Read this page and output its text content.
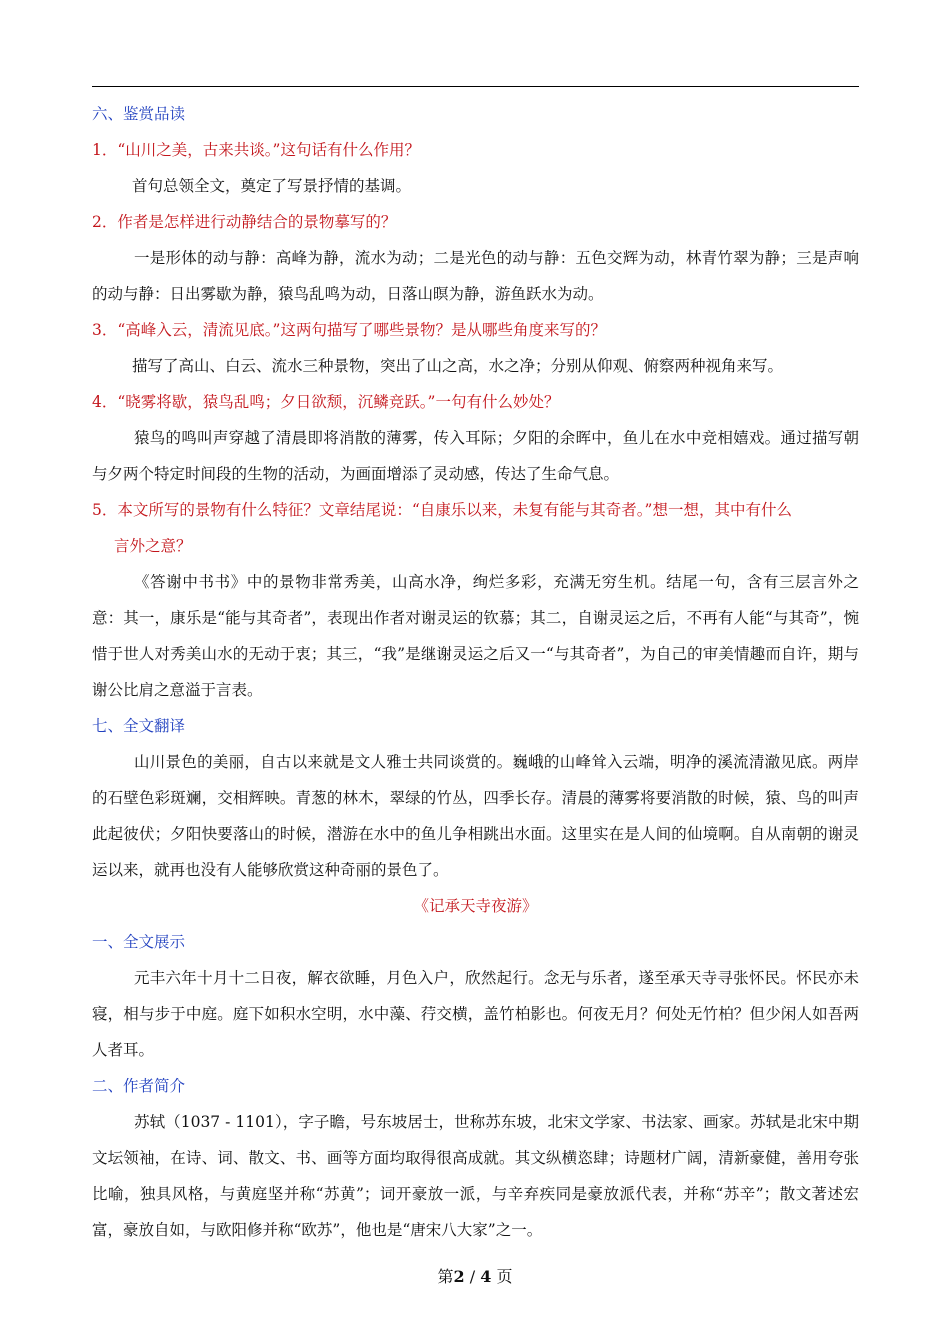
六、鉴赏品读
1．“山川之美，古来共谈。”这句话有什么作用？
首句总领全文，奠定了写景抒情的基调。
2．作者是怎样进行动静结合的景物摹写的？
一是形体的动与静：高峰为静，流水为动；二是光色的动与静：五色交辉为动，林青竹翠为静；三是声响的动与静：日出雾歇为静，猿鸟乱鸣为动，日落山暝为静，游鱼跃水为动。
3．“高峰入云，清流见底。”这两句描写了哪些景物？是从哪些角度来写的？
描写了高山、白云、流水三种景物，突出了山之高，水之净；分别从仰观、俯察两种视角来写。
4．“晓雾将歇，猿鸟乱鸣；夕日欲颓，沉鳞竞跃。”一句有什么妙处？
猿鸟的鸣叫声穿越了清晨即将消散的薄雾，传入耳际；夕阳的余晖中，鱼儿在水中竞相嬉戏。通过描写朝与夕两个特定时间段的生物的活动，为画面增添了灵动感，传达了生命气息。
5．本文所写的景物有什么特征？文章结尾说：“自康乐以来，未复有能与其奇者。”想一想，其中有什么
言外之意？
《答谢中书书》中的景物非常秀美，山高水净，绚烂多彩，充满无穷生机。结尾一句，含有三层言外之意：其一，康乐是“能与其奇者”，表现出作者对谢灵运的钦慕；其二，自谢灵运之后，不再有人能“与其奇”，惋惜于世人对秀美山水的无动于衷；其三，“我”是继谢灵运之后又一“与其奇者”，为自己的审美情趣而自许，期与谢公比肩之意溢于言表。
七、全文翻译
山川景色的美丽，自古以来就是文人雅士共同谈赏的。巍峨的山峰耸入云端，明净的溪流清澈见底。两岸的石壁色彩斑斓，交相辉映。青葱的林木，翠绿的竹丛，四季长存。清晨的薄雾将要消散的时候，猿、鸟的叫声此起彼伏；夕阳快要落山的时候，潜游在水中的鱼儿争相跳出水面。这里实在是人间的仙境啊。自从南朝的谢灵运以来，就再也没有人能够欣赏这种奇丽的景色了。
《记承天寺夜游》
一、全文展示
元丰六年十月十二日夜，解衣欲睡，月色入户，欣然起行。念无与乐者，遂至承天寺寻张怀民。怀民亦未寝，相与步于中庭。庭下如积水空明，水中藻、荇交横，盖竹柏影也。何夜无月？何处无竹柏？但少闲人如吾两人者耳。
二、作者简介
苏轼（1037 - 1101），字子瞻，号东坡居士，世称苏东坡，北宋文学家、书法家、画家。苏轼是北宋中期文坛领袖，在诗、词、散文、书、画等方面均取得很高成就。其文纵横恣肆；诗题材广阔，清新豪健，善用夸张比喻，独具风格，与黄庭坚并称“苏黄”；词开豪放一派，与辛弃疾同是豪放派代表，并称“苏辛”；散文著述宏富，豪放自如，与欧阳修并称“欧苏”，他也是“唐宋八大家”之一。
第2 / 4 页
